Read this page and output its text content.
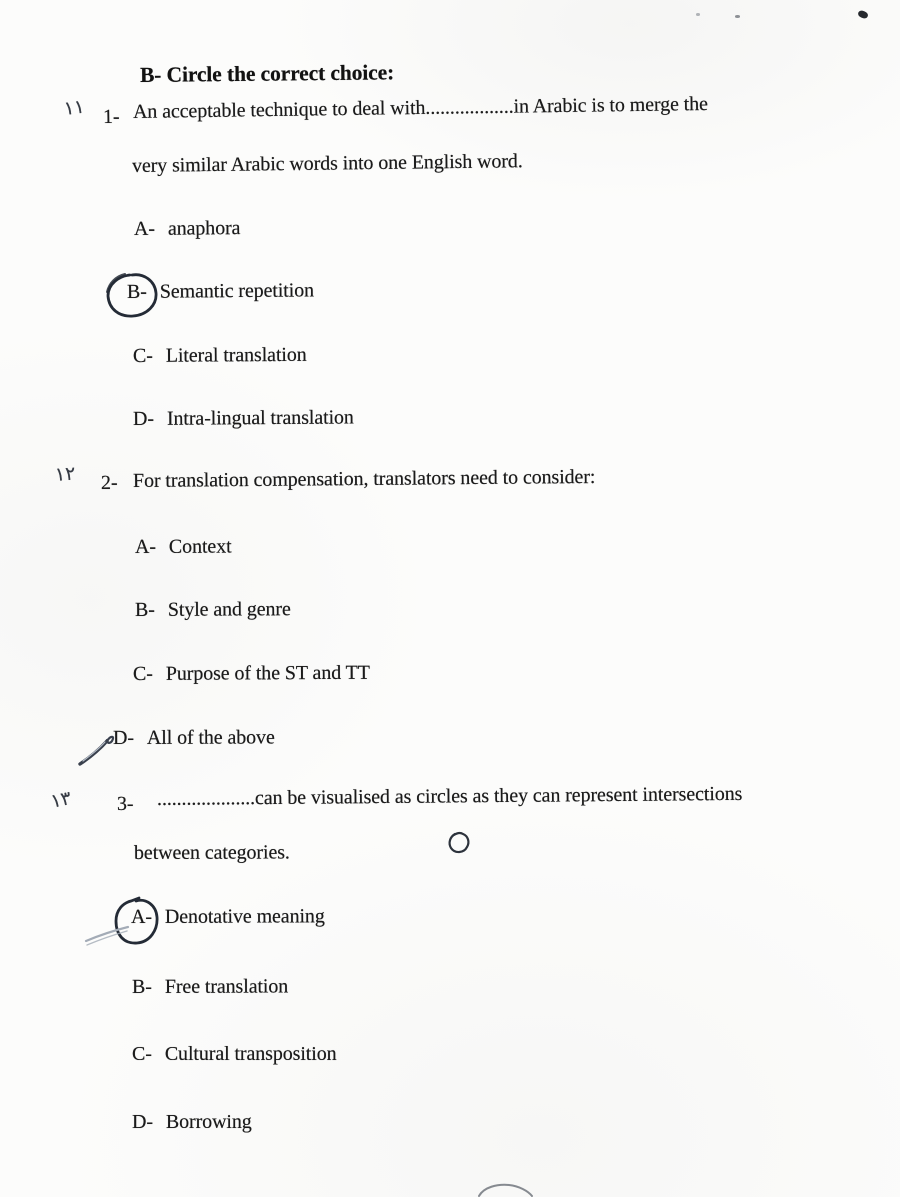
B- Circle the correct choice:
١١ 1- An acceptable technique to deal with..................in Arabic is to merge the
very similar Arabic words into one English word.
A- anaphora
B- Semantic repetition
C- Literal translation
D- Intra-lingual translation
١٢ 2- For translation compensation, translators need to consider:
A- Context
B- Style and genre
C- Purpose of the ST and TT
D- All of the above
١٣ 3- ....................can be visualised as circles as they can represent intersections
between categories.
A- Denotative meaning
B- Free translation
C- Cultural transposition
D- Borrowing
